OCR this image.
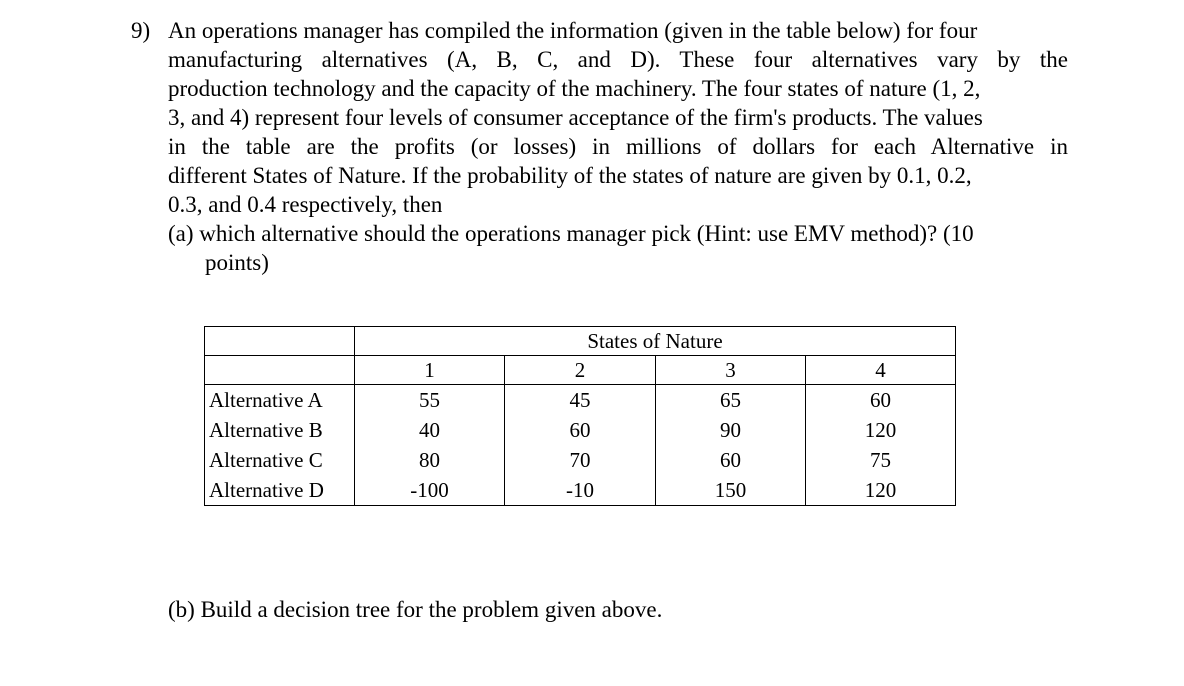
9) An operations manager has compiled the information (given in the table below) for four
manufacturing alternatives (A, B, C, and D). These four alternatives vary by the
production technology and the capacity of the machinery. The four states of nature (1, 2,
3, and 4) represent four levels of consumer acceptance of the firm's products. The values
in the table are the profits (or losses) in millions of dollars for each Alternative in
different States of Nature. If the probability of the states of nature are given by 0.1, 0.2,
0.3, and 0.4 respectively, then
(a) which alternative should the operations manager pick (Hint: use EMV method)? (10
points)
	States of Nature			
	1	2	3	4
Alternative A	55	45	65	60
Alternative B	40	60	90	120
Alternative C	80	70	60	75
Alternative D	-100	-10	150	120
(b) Build a decision tree for the problem given above.
